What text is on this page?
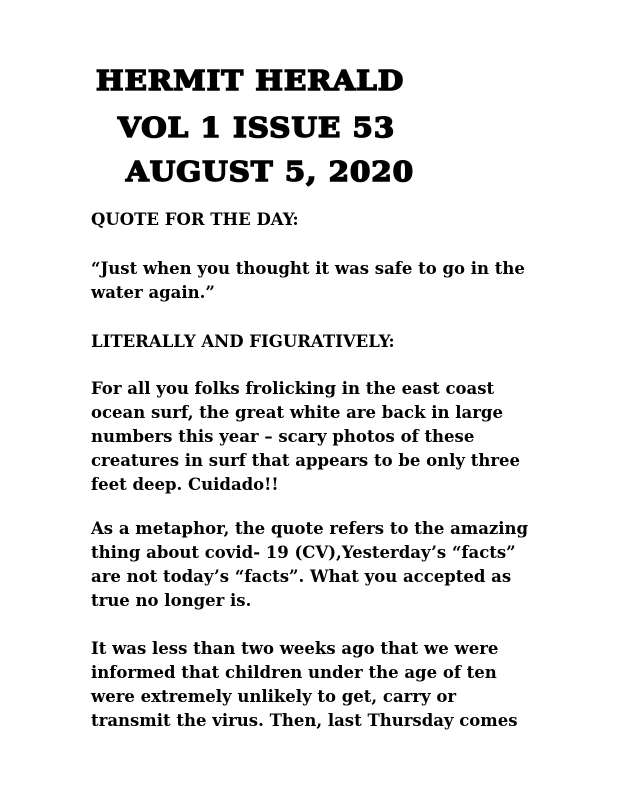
HERMIT HERALD
VOL 1 ISSUE 53
AUGUST 5, 2020

QUOTE FOR THE DAY:

“Just when you thought it was safe to go in the water again.”

LITERALLY AND FIGURATIVELY:

For all you folks frolicking in the east coast ocean surf, the great white are back in large numbers this year – scary photos of these creatures in surf that appears to be only three feet deep. Cuidado!!

As a metaphor, the quote refers to the amazing thing about covid- 19 (CV),Yesterday’s “facts” are not today’s “facts”. What you accepted as true no longer is.

It was less than two weeks ago that we were informed that children under the age of ten were extremely unlikely to get, carry or transmit the virus. Then, last Thursday comes
